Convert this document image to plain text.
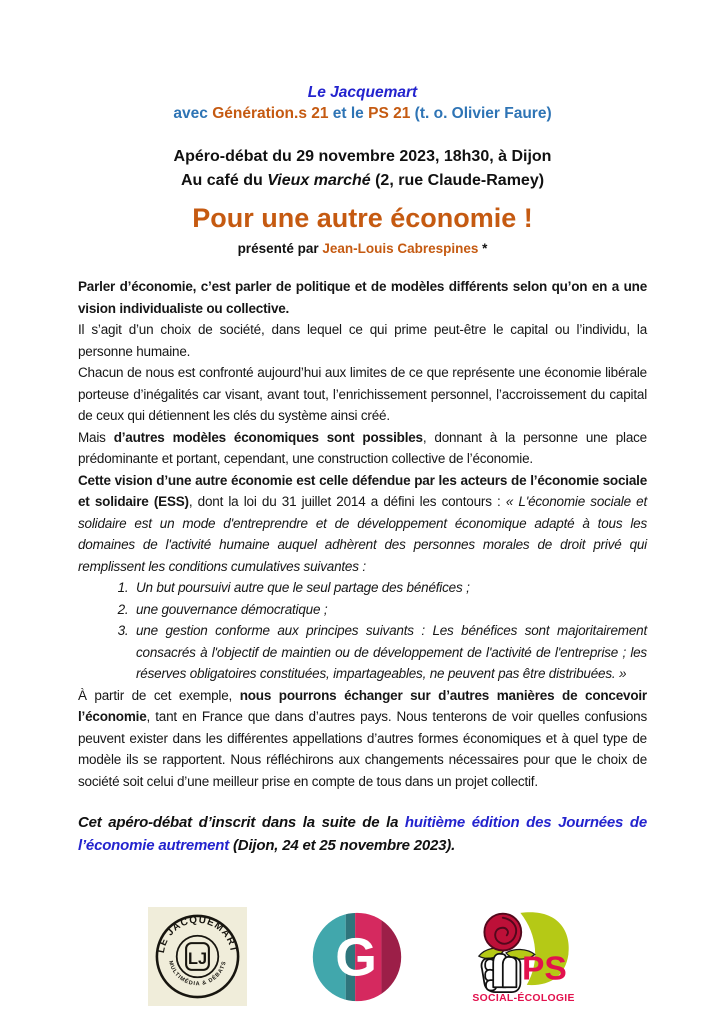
Le Jacquemart
avec Génération.s 21 et le PS 21 (t. o. Olivier Faure)
Apéro-débat du 29 novembre 2023, 18h30, à Dijon
Au café du Vieux marché (2, rue Claude-Ramey)
Pour une autre économie !
présenté par Jean-Louis Cabrespines *

Parler d’économie, c’est parler de politique et de modèles différents selon qu’on en a une vision individualiste ou collective.

Il s’agit d’un choix de société, dans lequel ce qui prime peut-être le capital ou l’individu, la personne humaine.

Chacun de nous est confronté aujourd’hui aux limites de ce que représente une économie libérale porteuse d’inégalités car visant, avant tout, l’enrichissement personnel, l’accroissement du capital de ceux qui détiennent les clés du système ainsi créé.

Mais d’autres modèles économiques sont possibles, donnant à la personne une place prédominante et portant, cependant, une construction collective de l’économie.

Cette vision d’une autre économie est celle défendue par les acteurs de l’économie sociale et solidaire (ESS), dont la loi du 31 juillet 2014 a défini les contours : « L'économie sociale et solidaire est un mode d'entreprendre et de développement économique adapté à tous les domaines de l'activité humaine auquel adhèrent des personnes morales de droit privé qui remplissent les conditions cumulatives suivantes :

1. Un but poursuivi autre que le seul partage des bénéfices ;
2. une gouvernance démocratique ;
3. une gestion conforme aux principes suivants : Les bénéfices sont majoritairement consacrés à l'objectif de maintien ou de développement de l'activité de l'entreprise ; les réserves obligatoires constituées, impartageables, ne peuvent pas être distribuées. »

À partir de cet exemple, nous pourrons échanger sur d’autres manières de concevoir l’économie, tant en France que dans d’autres pays. Nous tenterons de voir quelles confusions peuvent exister dans les différentes appellations d’autres formes économiques et à quel type de modèle ils se rapportent. Nous réfléchirons aux changements nécessaires pour que le choix de société soit celui d’une meilleur prise en compte de tous dans un projet collectif.

Cet apéro-débat d’inscrit dans la suite de la huitième édition des Journées de l’économie autrement (Dijon, 24 et 25 novembre 2023).
LE JACQUEMART
MULTIMÉDIA & DÉBATS
LJ G	PS
SOCIAL-ÉCOLOGIE
